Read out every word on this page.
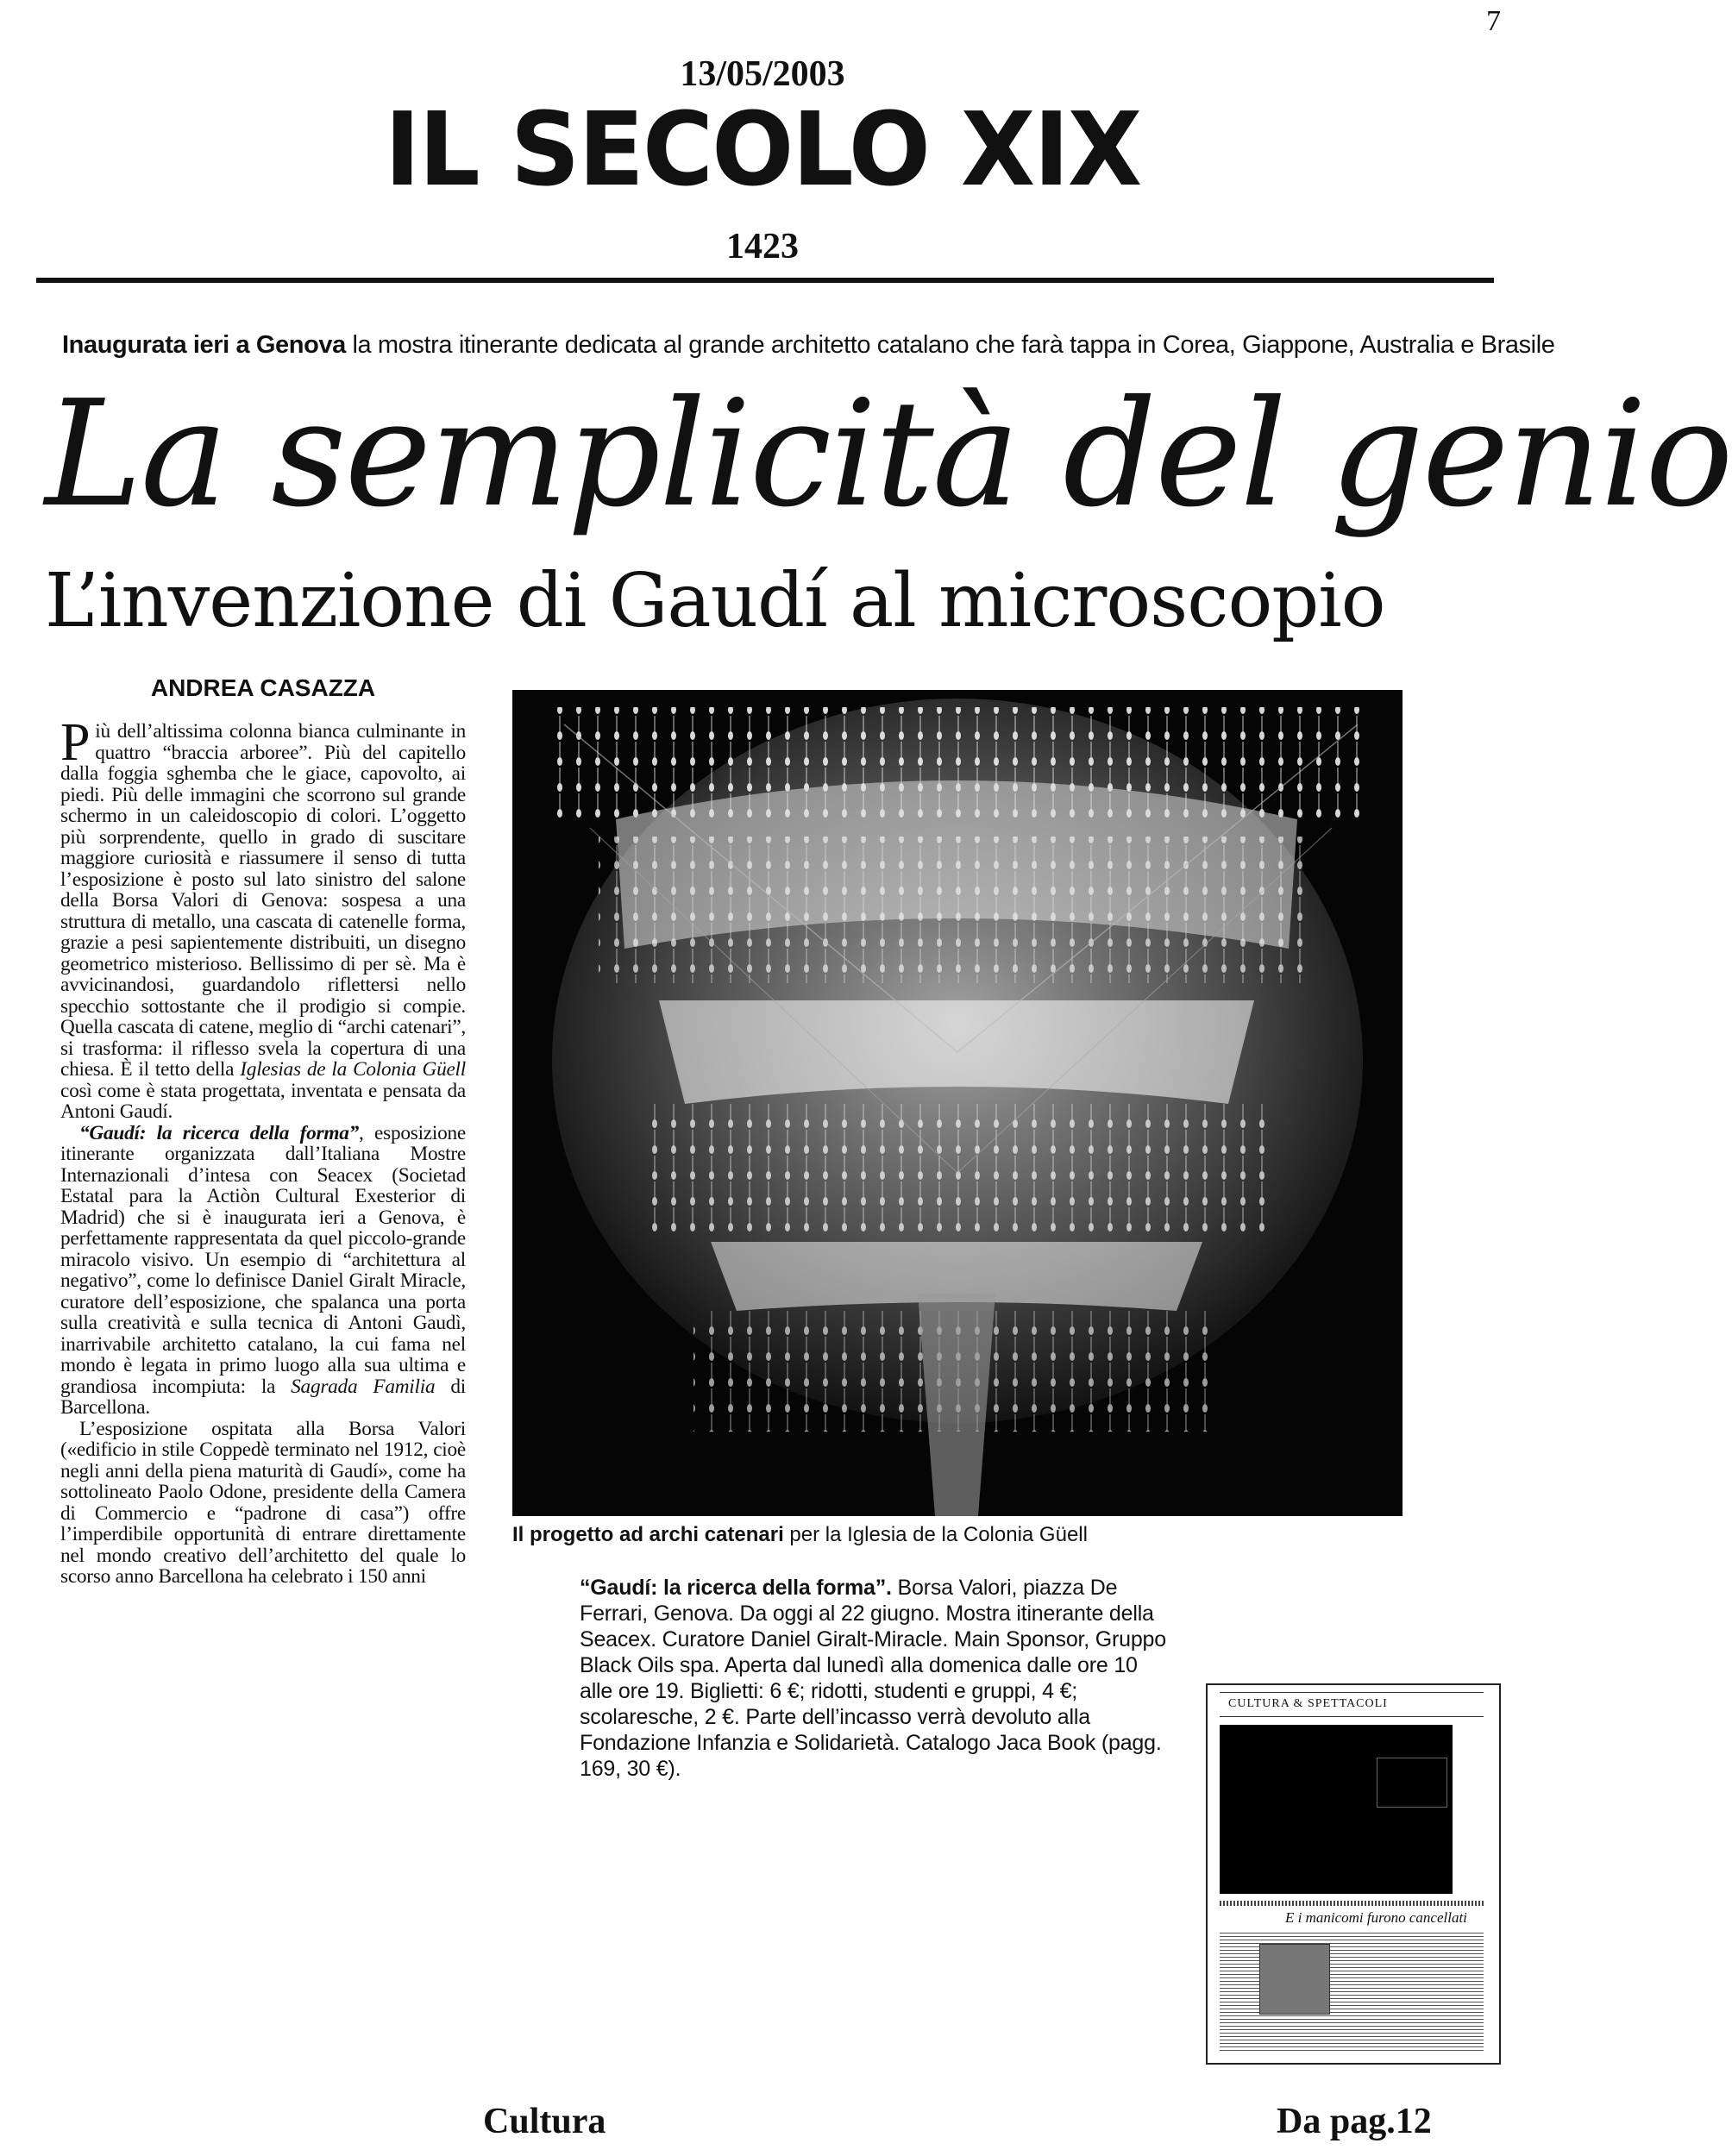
7
13/05/2003
IL SECOLO XIX
1423
Inaugurata ieri a Genova la mostra itinerante dedicata al grande architetto catalano che farà tappa in Corea, Giappone, Australia e Brasile
La semplicità del genio
L’invenzione di Gaudí al microscopio
ANDREA CASAZZA

Più dell’altissima colonna bianca culminante in quattro “braccia arboree”. Più del capitello dalla foggia sghemba che le giace, capovolto, ai piedi. Più delle immagini che scorrono sul grande schermo in un caleidoscopio di colori. L’oggetto più sorprendente, quello in grado di suscitare maggiore curiosità e riassumere il senso di tutta l’esposizione è posto sul lato sinistro del salone della Borsa Valori di Genova: sospesa a una struttura di metallo, una cascata di catenelle forma, grazie a pesi sapientemente distribuiti, un disegno geometrico misterioso. Bellissimo di per sè. Ma è avvicinandosi, guardandolo riflettersi nello specchio sottostante che il prodigio si compie. Quella cascata di catene, meglio di “archi catenari”, si trasforma: il riflesso svela la copertura di una chiesa. È il tetto della Iglesias de la Colonia Güell così come è stata progettata, inventata e pensata da Antoni Gaudí.

“Gaudí: la ricerca della forma”, esposizione itinerante organizzata dall’Italiana Mostre Internazionali d’intesa con Seacex (Societad Estatal para la Actiòn Cultural Exesterior di Madrid) che si è inaugurata ieri a Genova, è perfettamente rappresentata da quel piccolo-grande miracolo visivo. Un esempio di “architettura al negativo”, come lo definisce Daniel Giralt Miracle, curatore dell’esposizione, che spalanca una porta sulla creatività e sulla tecnica di Antoni Gaudì, inarrivabile architetto catalano, la cui fama nel mondo è legata in primo luogo alla sua ultima e grandiosa incompiuta: la Sagrada Familia di Barcellona.

L’esposizione ospitata alla Borsa Valori («edificio in stile Coppedè terminato nel 1912, cioè negli anni della piena maturità di Gaudí», come ha sottolineato Paolo Odone, presidente della Camera di Commercio e “padrone di casa”) offre l’imperdibile opportunità di entrare direttamente nel mondo creativo dell’architetto del quale lo scorso anno Barcellona ha celebrato i 150 anni

Il progetto ad archi catenari per la Iglesia de la Colonia Güell
“Gaudí: la ricerca della forma”. Borsa Valori, piazza De Ferrari, Genova. Da oggi al 22 giugno. Mostra itinerante della Seacex. Curatore Daniel Giralt-Miracle. Main Sponsor, Gruppo Black Oils spa. Aperta dal lunedì alla domenica dalle ore 10 alle ore 19. Biglietti: 6 €; ridotti, studenti e gruppi, 4 €; scolaresche, 2 €. Parte dell’incasso verrà devoluto alla Fondazione Infanzia e Solidarietà. Catalogo Jaca Book (pagg. 169, 30 €).
CULTURA & SPETTACOLI
E i manicomi furono cancellati
Cultura	Da pag.12
